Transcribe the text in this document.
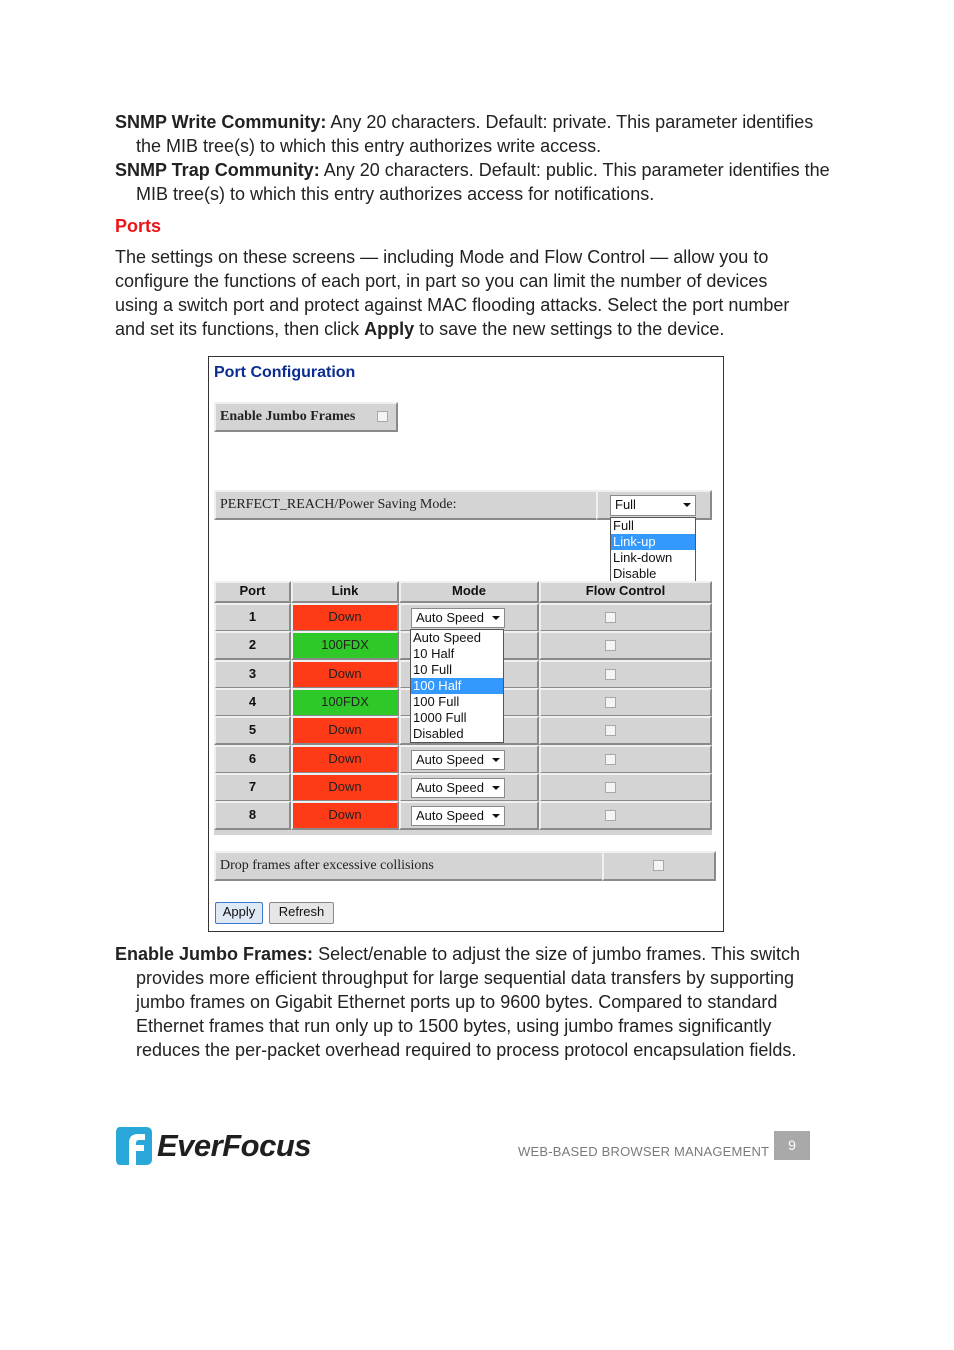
SNMP Write Community: Any 20 characters. Default: private. This parameter identifies the MIB tree(s) to which this entry authorizes write access.
SNMP Trap Community: Any 20 characters. Default: public. This parameter identifies the MIB tree(s) to which this entry authorizes access for notifications.
Ports
The settings on these screens — including Mode and Flow Control — allow you to configure the functions of each port, in part so you can limit the number of devices using a switch port and protect against MAC flooding attacks. Select the port number and set its functions, then click Apply to save the new settings to the device.
Port Configuration
Enable Jumbo Frames
PERFECT_REACH/Power Saving Mode:	Full
Full
Link-up
Link-down
Disable
Port	Link	Mode	Flow Control
1	Down	Auto Speed
2	100FDX
3	Down
4	100FDX
5	Down
6	Down	Auto Speed
7	Down	Auto Speed
8	Down	Auto Speed
Auto Speed
10 Half
10 Full
100 Half
100 Full
1000 Full
Disabled
Drop frames after excessive collisions
Apply	Refresh
Enable Jumbo Frames: Select/enable to adjust the size of jumbo frames. This switch provides more efficient throughput for large sequential data transfers by supporting jumbo frames on Gigabit Ethernet ports up to 9600 bytes. Compared to standard Ethernet frames that run only up to 1500 bytes, using jumbo frames significantly reduces the per-packet overhead required to process protocol encapsulation fields.
EverFocus	WEB-BASED BROWSER MANAGEMENT	9
